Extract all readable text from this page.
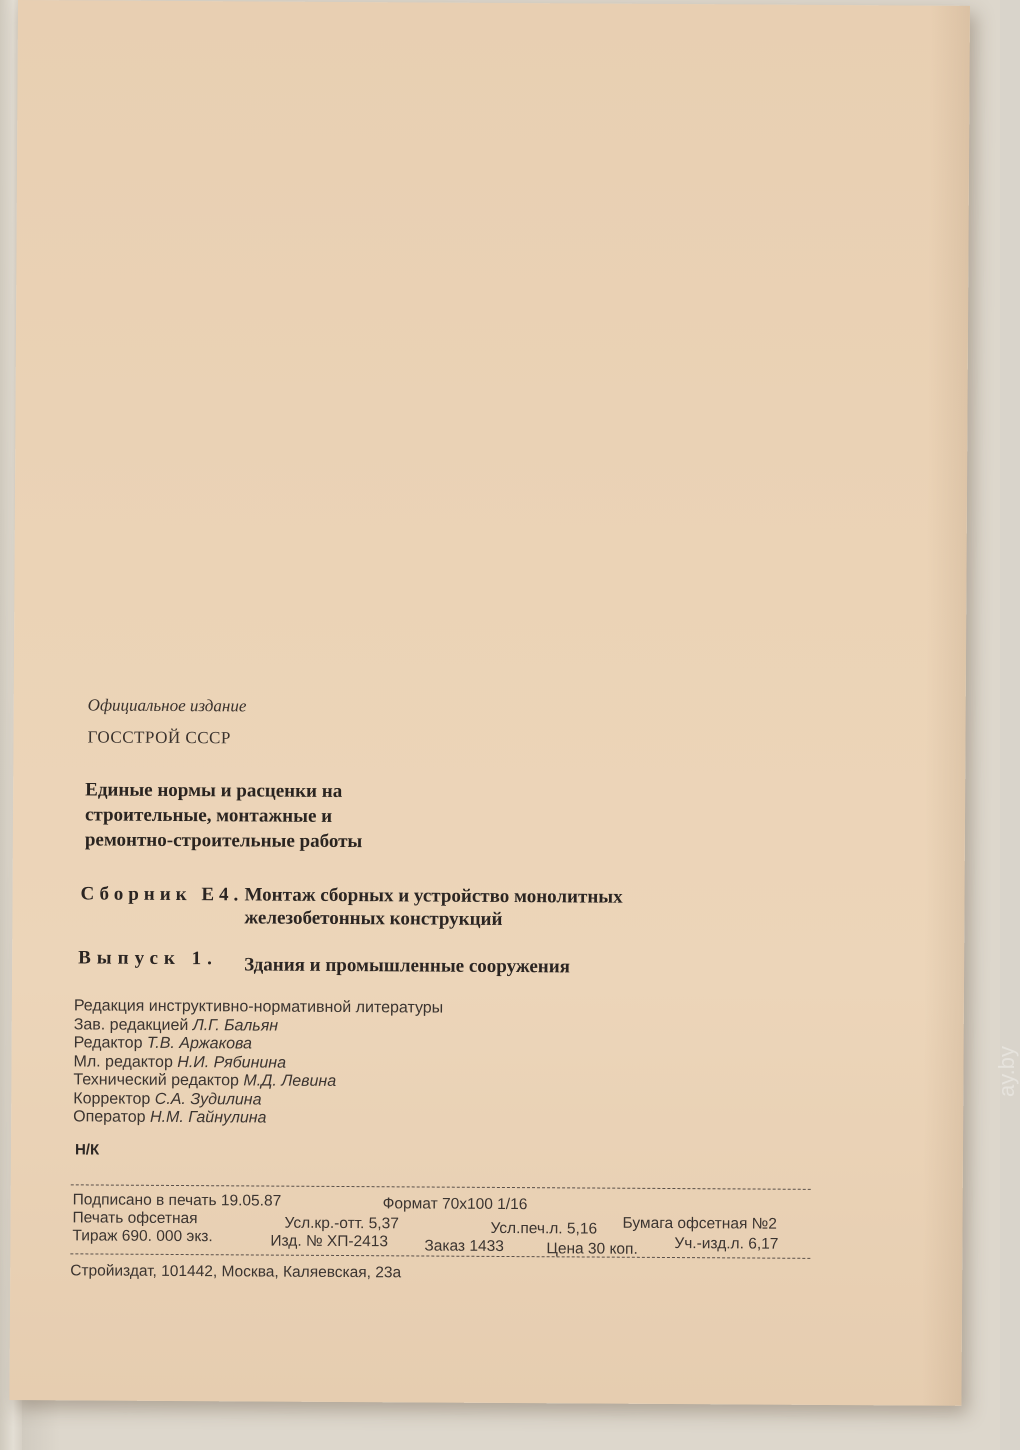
Официальное издание
ГОССТРОЙ СССР
Единые нормы и расценки на
строительные, монтажные и
ремонтно-строительные работы
Сборник Е4. Монтаж сборных и устройство монолитных
железобетонных конструкций
Выпуск 1.	Здания и промышленные сооружения
Редакция инструктивно-нормативной литературы
Зав. редакцией Л.Г. Бальян
Редактор Т.В. Аржакова
Мл. редактор Н.И. Рябинина
Технический редактор М.Д. Левина
Корректор С.А. Зудилина
Оператор Н.М. Гайнулина
Н/К
Подписано в печать 19.05.87	Формат 70х100 1/16
Печать офсетная	Усл.кр.-отт. 5,37	Усл.печ.л. 5,16 Бумага офсетная №2
Тираж 690. 000 экз.	Изд. № ХП-2413 Заказ 1433	Цена 30 коп. Уч.-изд.л. 6,17
Стройиздат, 101442, Москва, Каляевская, 23а
ay.by
